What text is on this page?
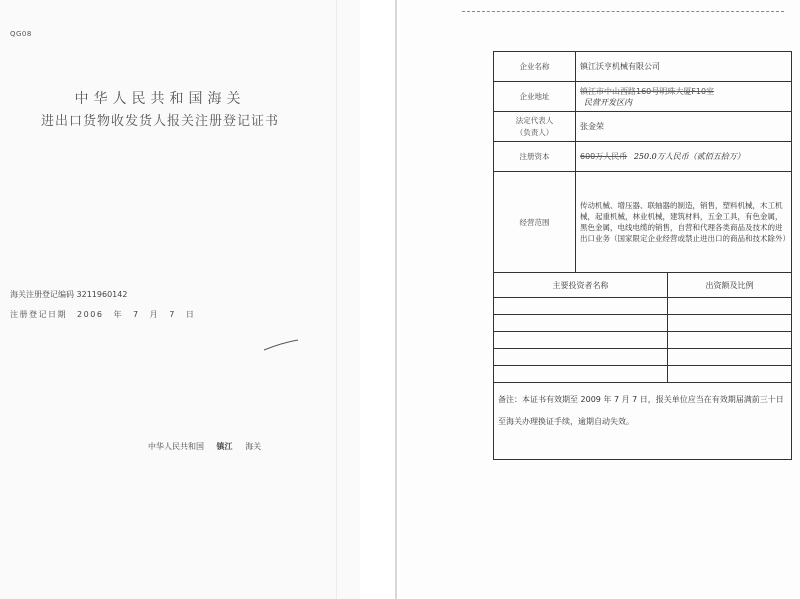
QG08
中华人民共和国海关
进出口货物收发货人报关注册登记证书
海关注册登记编码 3211960142
注册登记日期 2006 年 7 月 7 日
中华人民共和国 镇江 海关
企业名称	镇江沃亨机械有限公司	
企业地址	镇江市中山西路160号明珠大厦F10室
民营开发区内	
法定代表人
（负责人）	张金荣	
注册资本	600万人民币 250.0万人民币（贰佰五拾万）	
经营范围	传动机械、增压器、联轴器的制造，销售，塑料机械，木工机械，起重机械，林业机械，建筑材料，五金工具，有色金属，黑色金属，电线电缆的销售，自营和代理各类商品及技术的进出口业务（国家限定企业经营或禁止进出口的商品和技术除外）	

主要投资者名称		出资额及比例

备注：本证书有效期至 2009 年 7 月 7 日，报关单位应当在有效期届满前三十日至海关办理换证手续，逾期自动失效。		
